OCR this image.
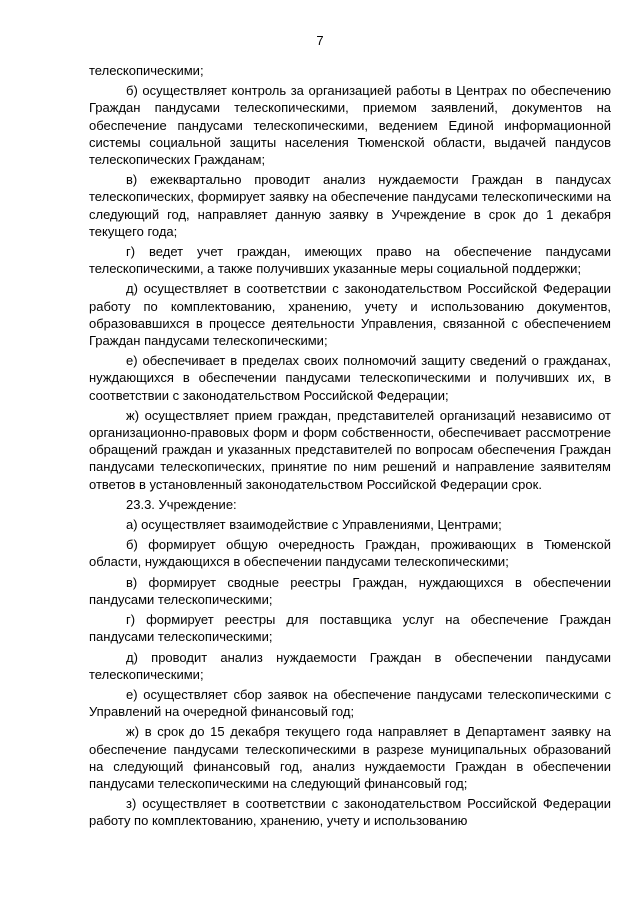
7

телескопическими;

б) осуществляет контроль за организацией работы в Центрах по обеспечению Граждан пандусами телескопическими, приемом заявлений, документов на обеспечение пандусами телескопическими, ведением Единой информационной системы социальной защиты населения Тюменской области, выдачей пандусов телескопических Гражданам;

в) ежеквартально проводит анализ нуждаемости Граждан в пандусах телескопических, формирует заявку на обеспечение пандусами телескопическими на следующий год, направляет данную заявку в Учреждение в срок до 1 декабря текущего года;

г) ведет учет граждан, имеющих право на обеспечение пандусами телескопическими, а также получивших указанные меры социальной поддержки;

д) осуществляет в соответствии с законодательством Российской Федерации работу по комплектованию, хранению, учету и использованию документов, образовавшихся в процессе деятельности Управления, связанной с обеспечением Граждан пандусами телескопическими;

е) обеспечивает в пределах своих полномочий защиту сведений о гражданах, нуждающихся в обеспечении пандусами телескопическими и получивших их, в соответствии с законодательством Российской Федерации;

ж) осуществляет прием граждан, представителей организаций независимо от организационно-правовых форм и форм собственности, обеспечивает рассмотрение обращений граждан и указанных представителей по вопросам обеспечения Граждан пандусами телескопических, принятие по ним решений и направление заявителям ответов в установленный законодательством Российской Федерации срок.

23.3. Учреждение:

а) осуществляет взаимодействие с Управлениями, Центрами;

б) формирует общую очередность Граждан, проживающих в Тюменской области, нуждающихся в обеспечении пандусами телескопическими;

в) формирует сводные реестры Граждан, нуждающихся в обеспечении пандусами телескопическими;

г) формирует реестры для поставщика услуг на обеспечение Граждан пандусами телескопическими;

д) проводит анализ нуждаемости Граждан в обеспечении пандусами телескопическими;

е) осуществляет сбор заявок на обеспечение пандусами телескопическими с Управлений на очередной финансовый год;

ж) в срок до 15 декабря текущего года направляет в Департамент заявку на обеспечение пандусами телескопическими в разрезе муниципальных образований на следующий финансовый год, анализ нуждаемости Граждан в обеспечении пандусами телескопическими на следующий финансовый год;

з) осуществляет в соответствии с законодательством Российской Федерации работу по комплектованию, хранению, учету и использованию
